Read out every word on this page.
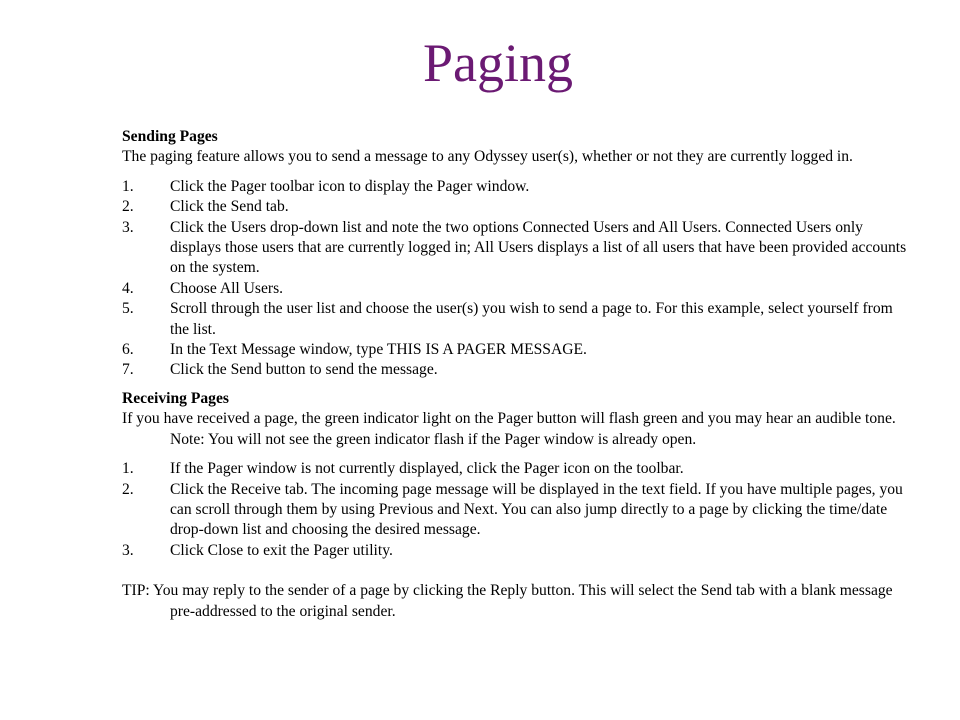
Paging
Sending Pages
The paging feature allows you to send a message to any Odyssey user(s), whether or not they are currently logged in.
1. Click the Pager toolbar icon to display the Pager window.
2. Click the Send tab.
3. Click the Users drop-down list and note the two options Connected Users and All Users. Connected Users only displays those users that are currently logged in; All Users displays a list of all users that have been provided accounts on the system.
4. Choose All Users.
5. Scroll through the user list and choose the user(s) you wish to send a page to. For this example, select yourself from the list.
6. In the Text Message window, type THIS IS A PAGER MESSAGE.
7. Click the Send button to send the message.
Receiving Pages
If you have received a page, the green indicator light on the Pager button will flash green and you may hear an audible tone. Note: You will not see the green indicator flash if the Pager window is already open.
1. If the Pager window is not currently displayed, click the Pager icon on the toolbar.
2. Click the Receive tab. The incoming page message will be displayed in the text field. If you have multiple pages, you can scroll through them by using Previous and Next. You can also jump directly to a page by clicking the time/date drop-down list and choosing the desired message.
3. Click Close to exit the Pager utility.
TIP: You may reply to the sender of a page by clicking the Reply button. This will select the Send tab with a blank message pre-addressed to the original sender.
